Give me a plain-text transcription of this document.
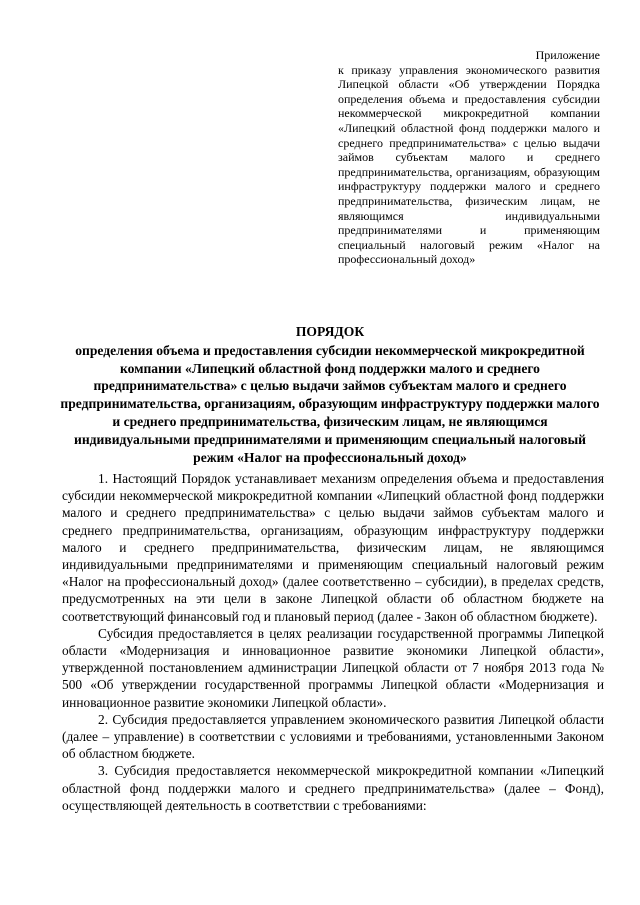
Приложение
к приказу управления экономического развития Липецкой области «Об утверждении Порядка определения объема и предоставления субсидии некоммерческой микрокредитной компании «Липецкий областной фонд поддержки малого и среднего предпринимательства» с целью выдачи займов субъектам малого и среднего предпринимательства, организациям, образующим инфраструктуру поддержки малого и среднего предпринимательства, физическим лицам, не являющимся индивидуальными предпринимателями и применяющим специальный налоговый режим «Налог на профессиональный доход»
ПОРЯДОК
определения объема и предоставления субсидии некоммерческой микрокредитной компании «Липецкий областной фонд поддержки малого и среднего предпринимательства» с целью выдачи займов субъектам малого и среднего предпринимательства, организациям, образующим инфраструктуру поддержки малого и среднего предпринимательства, физическим лицам, не являющимся индивидуальными предпринимателями и применяющим специальный налоговый режим «Налог на профессиональный доход»

1. Настоящий Порядок устанавливает механизм определения объема и предоставления субсидии некоммерческой микрокредитной компании «Липецкий областной фонд поддержки малого и среднего предпринимательства» с целью выдачи займов субъектам малого и среднего предпринимательства, организациям, образующим инфраструктуру поддержки малого и среднего предпринимательства, физическим лицам, не являющимся индивидуальными предпринимателями и применяющим специальный налоговый режим «Налог на профессиональный доход» (далее соответственно – субсидии), в пределах средств, предусмотренных на эти цели в законе Липецкой области об областном бюджете на соответствующий финансовый год и плановый период (далее - Закон об областном бюджете).

Субсидия предоставляется в целях реализации государственной программы Липецкой области «Модернизация и инновационное развитие экономики Липецкой области», утвержденной постановлением администрации Липецкой области от 7 ноября 2013 года № 500 «Об утверждении государственной программы Липецкой области «Модернизация и инновационное развитие экономики Липецкой области».

2. Субсидия предоставляется управлением экономического развития Липецкой области (далее – управление) в соответствии с условиями и требованиями, установленными Законом об областном бюджете.

3. Субсидия предоставляется некоммерческой микрокредитной компании «Липецкий областной фонд поддержки малого и среднего предпринимательства» (далее – Фонд), осуществляющей деятельность в соответствии с требованиями:
